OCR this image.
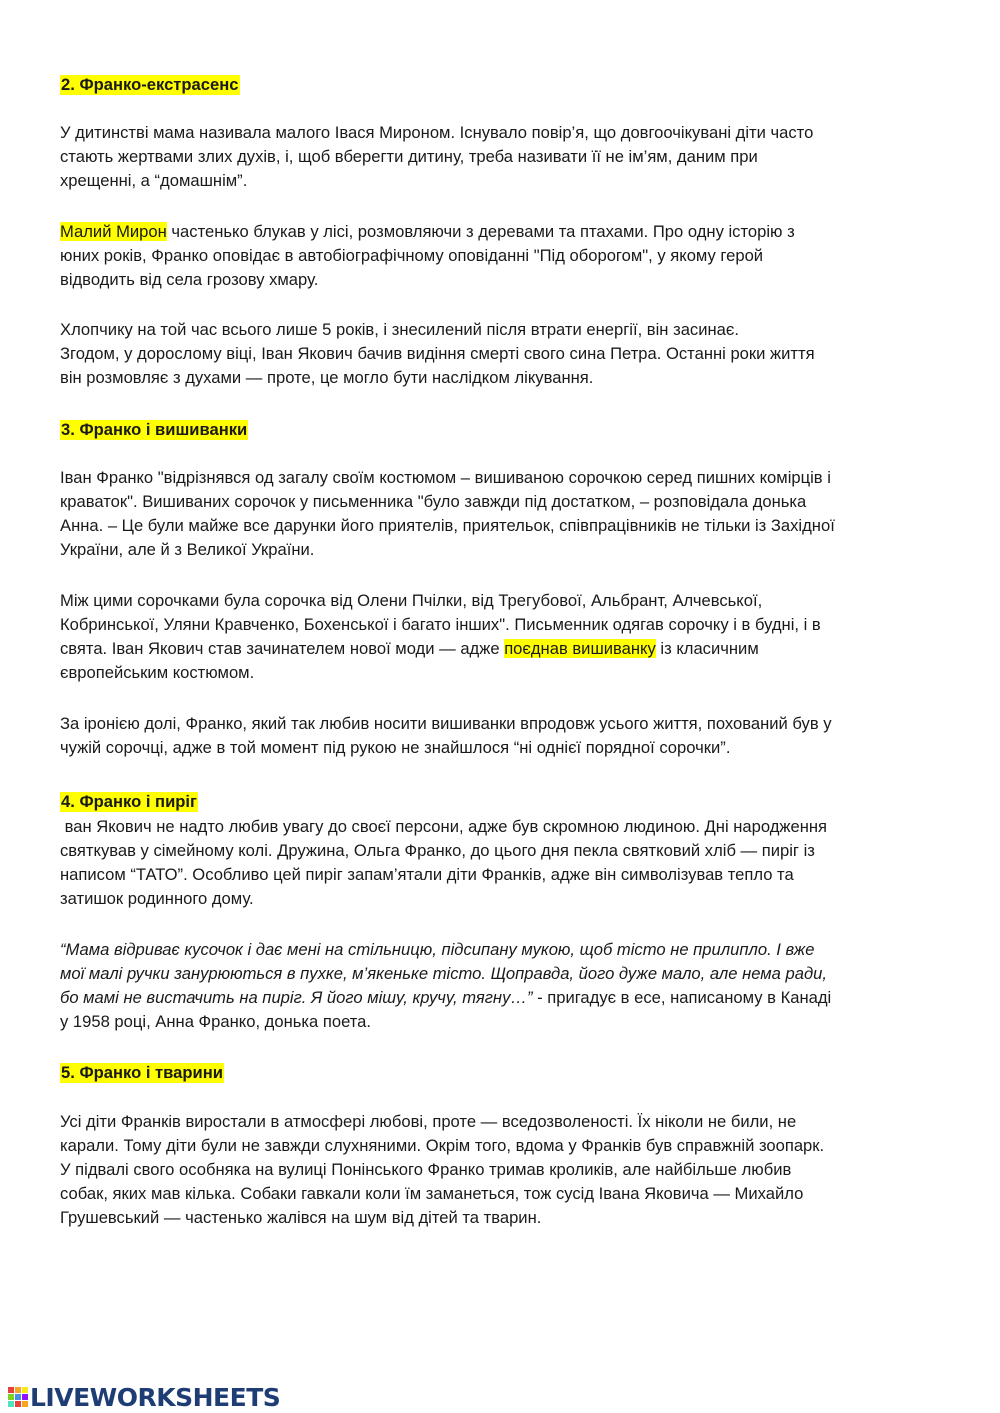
2. Франко-екстрасенс
У дитинстві мама називала малого Івася Мироном. Існувало повір’я, що довгоочікувані діти часто
стають жертвами злих духів, і, щоб вберегти дитину, треба називати її не ім’ям, даним при
хрещенні, а “домашнім”.
Малий Мирон частенько блукав у лісі, розмовляючи з деревами та птахами. Про одну історію з
юних років, Франко оповідає в автобіографічному оповіданні "Під оборогом", у якому герой
відводить від села грозову хмару.
Хлопчику на той час всього лише 5 років, і знесилений після втрати енергії, він засинає.
Згодом, у дорослому віці, Іван Якович бачив видіння смерті свого сина Петра. Останні роки життя
він розмовляє з духами — проте, це могло бути наслідком лікування.
3. Франко і вишиванки
Іван Франко "відрізнявся од загалу своїм костюмом – вишиваною сорочкою серед пишних комірців і
краваток". Вишиваних сорочок у письменника "було завжди під достатком, – розповідала донька
Анна. – Це були майже все дарунки його приятелів, приятельок, співпрацівників не тільки із Західної
України, але й з Великої України.
Між цими сорочками була сорочка від Олени Пчілки, від Трегубової, Альбрант, Алчевської,
Кобринської, Уляни Кравченко, Бохенської і багато інших". Письменник одягав сорочку і в будні, і в
свята. Іван Якович став зачинателем нової моди — адже поєднав вишиванку із класичним
європейським костюмом.
За іронією долі, Франко, який так любив носити вишиванки впродовж усього життя, похований був у
чужій сорочці, адже в той момент під рукою не знайшлося “ні однієї порядної сорочки”.
4. Франко і пиріг
ван Якович не надто любив увагу до своєї персони, адже був скромною людиною. Дні народження
святкував у сімейному колі. Дружина, Ольга Франко, до цього дня пекла святковий хліб — пиріг із
написом “ТАТО”. Особливо цей пиріг запам’ятали діти Франків, адже він символізував тепло та
затишок родинного дому.
“Мама відриває кусочок і дає мені на стільницю, підсипану мукою, щоб тісто не прилипло. І вже
мої малі ручки занурюються в пухке, м’якеньке тісто. Щоправда, його дуже мало, але нема ради,
бо мамі не вистачить на пиріг. Я його мішу, кручу, тягну…” - пригадує в есе, написаному в Канаді
у 1958 році, Анна Франко, донька поета.
5. Франко і тварини
Усі діти Франків виростали в атмосфері любові, проте — вседозволеності. Їх ніколи не били, не
карали. Тому діти були не завжди слухняними. Окрім того, вдома у Франків був справжній зоопарк.
У підвалі свого особняка на вулиці Понінського Франко тримав кроликів, але найбільше любив
собак, яких мав кілька. Собаки гавкали коли їм заманеться, тож сусід Івана Яковича — Михайло
Грушевський — частенько жалівся на шум від дітей та тварин.
LIVEWORKSHEETS
